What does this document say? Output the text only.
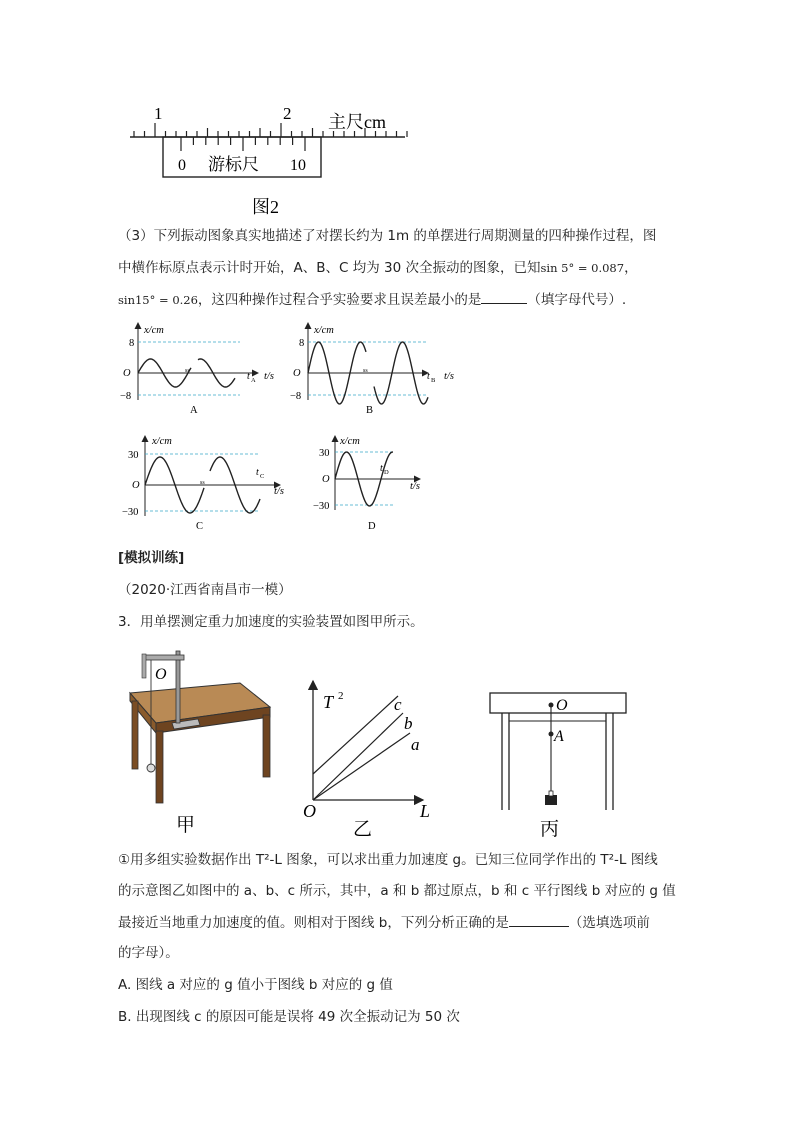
1	2 主尺cm
0 游标尺 10
图2
（3）下列振动图象真实地描述了对摆长约为 1m 的单摆进行周期测量的四种操作过程，图
中横作标原点表示计时开始，A、B、C 均为 30 次全振动的图象，已知sin 5° = 0.087，
sin15° = 0.26，这四种操作过程合乎实验要求且误差最小的是	（填字母代号）.
x/cm
8
O
−8
ss	t A t/s
A
x/cm
8
O
−8
ss	t B t/s
B
x/cm
30
O
−30
ss
t C
t/s
C
x/cm
30
O
−30
t D
t/s
D
[模拟训练]
（2020·江西省南昌市一模）
3．用单摆测定重力加速度的实验装置如图甲所示。
O
甲
T 2
O	L
a
b
c
乙
O
A
丙
①用多组实验数据作出 T²-L 图象，可以求出重力加速度 g。已知三位同学作出的 T²-L 图线
的示意图乙如图中的 a、b、c 所示，其中，a 和 b 都过原点，b 和 c 平行图线 b 对应的 g 值
最接近当地重力加速度的值。则相对于图线 b，下列分析正确的是	（选填选项前
的字母）。
A. 图线 a 对应的 g 值小于图线 b 对应的 g 值
B. 出现图线 c 的原因可能是误将 49 次全振动记为 50 次
